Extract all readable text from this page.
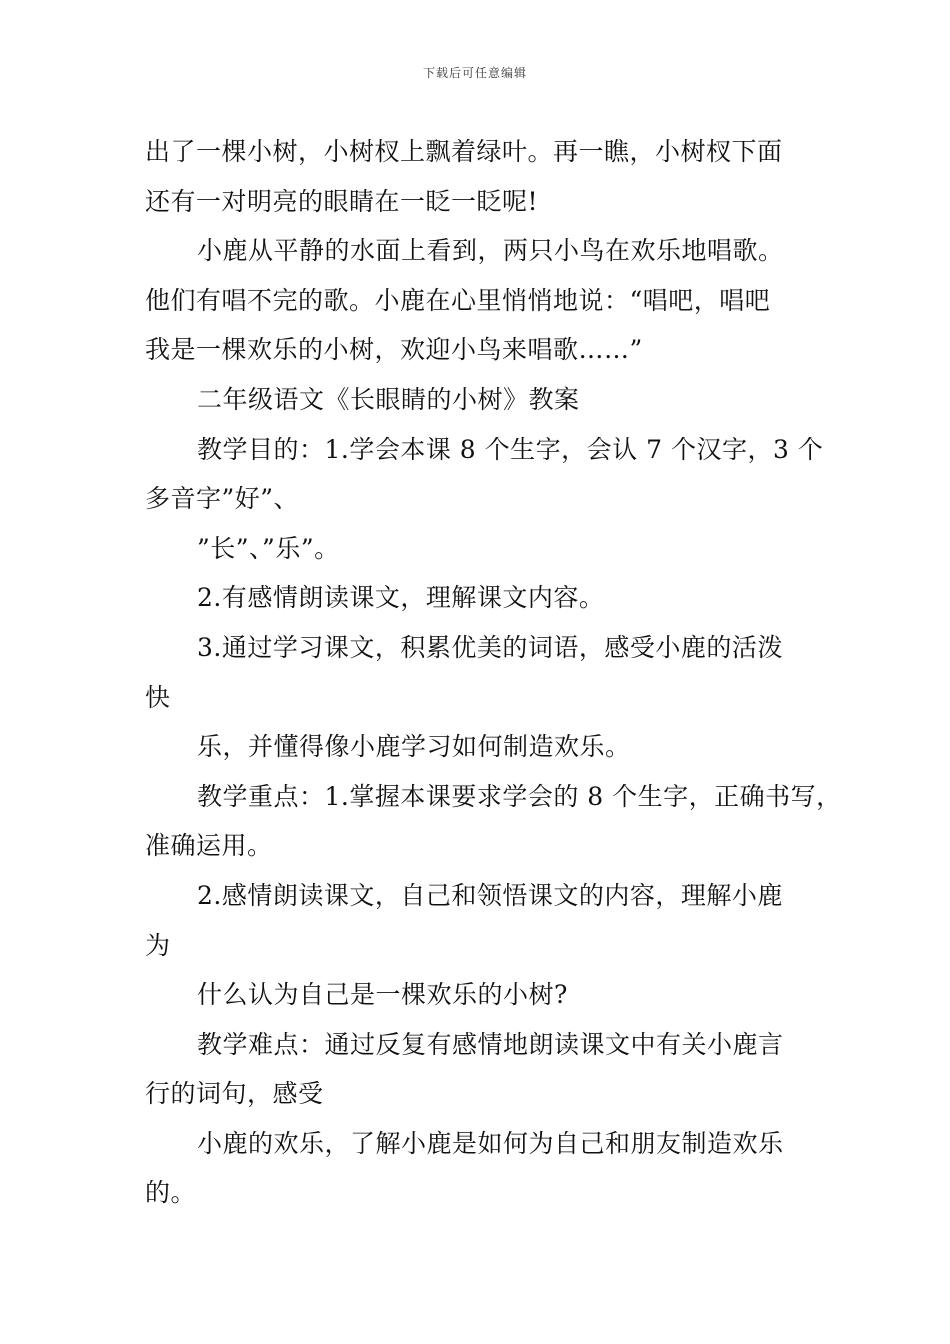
下载后可任意编辑
出了一棵小树，小树杈上飘着绿叶。再一瞧，小树杈下面
还有一对明亮的眼睛在一眨一眨呢!
小鹿从平静的水面上看到，两只小鸟在欢乐地唱歌。
他们有唱不完的歌。小鹿在心里悄悄地说：“唱吧，唱吧
我是一棵欢乐的小树，欢迎小鸟来唱歌……”
二年级语文《长眼睛的小树》教案
教学目的：1.学会本课 8 个生字，会认 7 个汉字，3 个
多音字”好”、
”长”、”乐”。
2.有感情朗读课文，理解课文内容。
3.通过学习课文，积累优美的词语，感受小鹿的活泼
快
乐，并懂得像小鹿学习如何制造欢乐。
教学重点：1.掌握本课要求学会的 8 个生字，正确书写，
准确运用。
2.感情朗读课文，自己和领悟课文的内容，理解小鹿
为
什么认为自己是一棵欢乐的小树?
教学难点：通过反复有感情地朗读课文中有关小鹿言
行的词句，感受
小鹿的欢乐，了解小鹿是如何为自己和朋友制造欢乐
的。
